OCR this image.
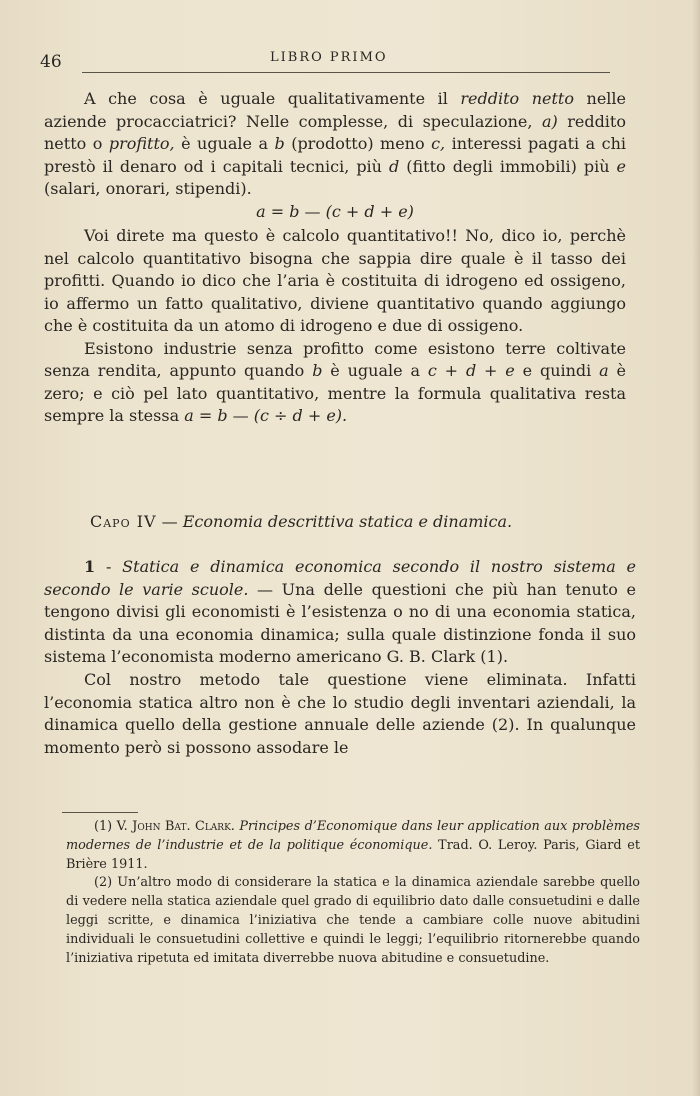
46	LIBRO PRIMO

A che cosa è uguale qualitativamente il reddito netto nelle aziende procacciatrici? Nelle complesse, di speculazione, a) reddito netto o profitto, è uguale a b (prodotto) meno c, interessi pagati a chi prestò il denaro od i capitali tecnici, più d (fitto degli immobili) più e (salari, onorari, stipendi).

a = b — (c + d + e)

Voi direte ma questo è calcolo quantitativo!! No, dico io, perchè nel calcolo quantitativo bisogna che sappia dire quale è il tasso dei profitti. Quando io dico che l’aria è costituita di idrogeno ed ossigeno, io affermo un fatto qualitativo, diviene quantitativo quando aggiungo che è costituita da un atomo di idrogeno e due di ossigeno.

Esistono industrie senza profitto come esistono terre coltivate senza rendita, appunto quando b è uguale a c + d + e e quindi a è zero; e ciò pel lato quantitativo, mentre la formula qualitativa resta sempre la stessa a = b — (c ÷ d + e).

Capo IV — Economia descrittiva statica e dinamica.

1 - Statica e dinamica economica secondo il nostro sistema e secondo le varie scuole. — Una delle questioni che più han tenuto e tengono divisi gli economisti è l’esistenza o no di una economia statica, distinta da una economia dinamica; sulla quale distinzione fonda il suo sistema l’economista moderno americano G. B. Clark (1).

Col nostro metodo tale questione viene eliminata. Infatti l’economia statica altro non è che lo studio degli inventari aziendali, la dinamica quello della gestione annuale delle aziende (2). In qualunque momento però si possono assodare le

(1) V. John Bat. Clark. Principes d’Economique dans leur application aux problèmes modernes de l’industrie et de la politique économique. Trad. O. Leroy. Paris, Giard et Brière 1911.

(2) Un’altro modo di considerare la statica e la dinamica aziendale sarebbe quello di vedere nella statica aziendale quel grado di equilibrio dato dalle consuetudini e dalle leggi scritte, e dinamica l’iniziativa che tende a cambiare colle nuove abitudini individuali le consuetudini collettive e quindi le leggi; l’equilibrio ritornerebbe quando l’iniziativa ripetuta ed imitata diverrebbe nuova abitudine e consuetudine.
